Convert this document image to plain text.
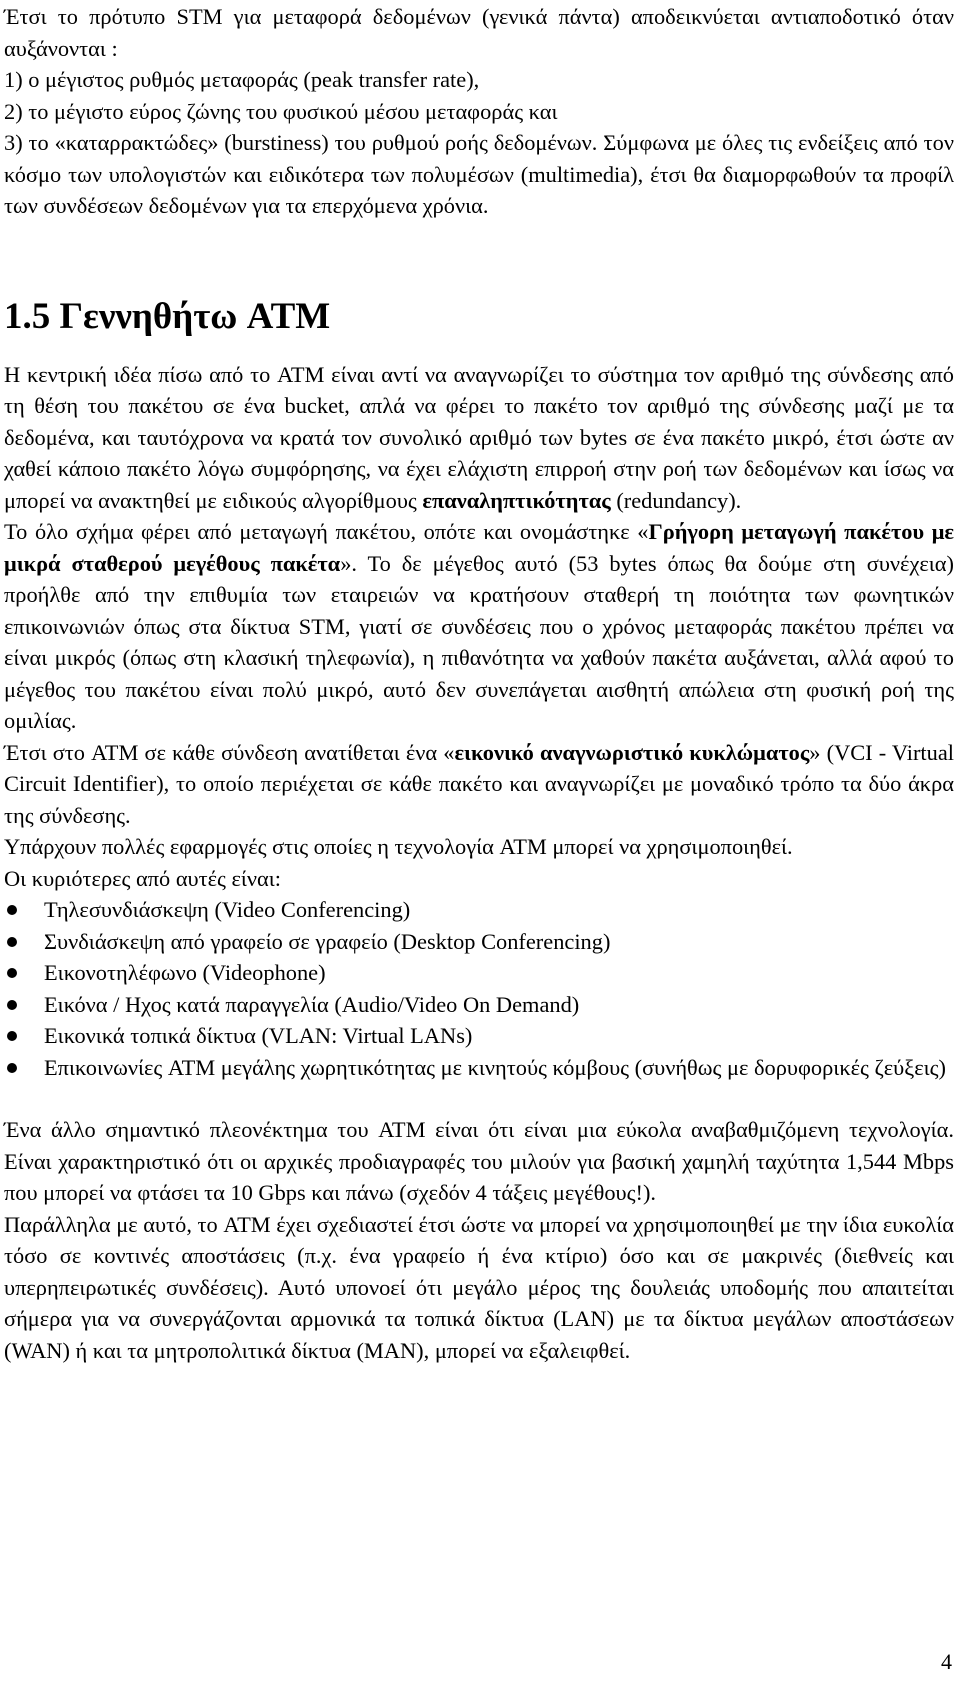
Έτσι το πρότυπο STM για μεταφορά δεδομένων (γενικά πάντα) αποδεικνύεται αντιαποδοτικό όταν αυξάνονται :

1) ο μέγιστος ρυθμός μεταφοράς (peak transfer rate),

2) το μέγιστο εύρος ζώνης του φυσικού μέσου μεταφοράς και

3) το «καταρρακτώδες» (burstiness) του ρυθμού ροής δεδομένων. Σύμφωνα με όλες τις ενδείξεις από τον κόσμο των υπολογιστών και ειδικότερα των πολυμέσων (multimedia), έτσι θα διαμορφωθούν τα προφίλ των συνδέσεων δεδομένων για τα επερχόμενα χρόνια.

1.5 Γεννηθήτω ATM

Η κεντρική ιδέα πίσω από το ATM είναι αντί να αναγνωρίζει το σύστημα τον αριθμό της σύνδεσης από τη θέση του πακέτου σε ένα bucket, απλά να φέρει το πακέτο τον αριθμό της σύνδεσης μαζί με τα δεδομένα, και ταυτόχρονα να κρατά τον συνολικό αριθμό των bytes σε ένα πακέτο μικρό, έτσι ώστε αν χαθεί κάποιο πακέτο λόγω συμφόρησης, να έχει ελάχιστη επιρροή στην ροή των δεδομένων και ίσως να μπορεί να ανακτηθεί με ειδικούς αλγορίθμους επαναληπτικότητας (redundancy).

Το όλο σχήμα φέρει από μεταγωγή πακέτου, οπότε και ονομάστηκε «Γρήγορη μεταγωγή πακέτου με μικρά σταθερού μεγέθους πακέτα». Το δε μέγεθος αυτό (53 bytes όπως θα δούμε στη συνέχεια) προήλθε από την επιθυμία των εταιρειών να κρατήσουν σταθερή τη ποιότητα των φωνητικών επικοινωνιών όπως στα δίκτυα STM, γιατί σε συνδέσεις που ο χρόνος μεταφοράς πακέτου πρέπει να είναι μικρός (όπως στη κλασική τηλεφωνία), η πιθανότητα να χαθούν πακέτα αυξάνεται, αλλά αφού το μέγεθος του πακέτου είναι πολύ μικρό, αυτό δεν συνεπάγεται αισθητή απώλεια στη φυσική ροή της ομιλίας.

Έτσι στο ATM σε κάθε σύνδεση ανατίθεται ένα «εικονικό αναγνωριστικό κυκλώματος» (VCI - Virtual Circuit Identifier), το οποίο περιέχεται σε κάθε πακέτο και αναγνωρίζει με μοναδικό τρόπο τα δύο άκρα της σύνδεσης.

Υπάρχουν πολλές εφαρμογές στις οποίες η τεχνολογία ATM μπορεί να χρησιμοποιηθεί.

Οι κυριότερες από αυτές είναι:

Τηλεσυνδιάσκεψη (Video Conferencing)
Συνδιάσκεψη από γραφείο σε γραφείο (Desktop Conferencing)
Εικονοτηλέφωνο (Videophone)
Εικόνα / Ηχος κατά παραγγελία (Audio/Video On Demand)
Εικονικά τοπικά δίκτυα (VLAN: Virtual LANs)
Επικοινωνίες ATM μεγάλης χωρητικότητας με κινητούς κόμβους (συνήθως με δορυφορικές ζεύξεις)

Ένα άλλο σημαντικό πλεονέκτημα του ATM είναι ότι είναι μια εύκολα αναβαθμιζόμενη τεχνολογία. Είναι χαρακτηριστικό ότι οι αρχικές προδιαγραφές του μιλούν για βασική χαμηλή ταχύτητα 1,544 Mbps που μπορεί να φτάσει τα 10 Gbps και πάνω (σχεδόν 4 τάξεις μεγέθους!).

Παράλληλα με αυτό, το ATM έχει σχεδιαστεί έτσι ώστε να μπορεί να χρησιμοποιηθεί με την ίδια ευκολία τόσο σε κοντινές αποστάσεις (π.χ. ένα γραφείο ή ένα κτίριο) όσο και σε μακρινές (διεθνείς και υπερηπειρωτικές συνδέσεις). Αυτό υπονοεί ότι μεγάλο μέρος της δουλειάς υποδομής που απαιτείται σήμερα για να συνεργάζονται αρμονικά τα τοπικά δίκτυα (LAN) με τα δίκτυα μεγάλων αποστάσεων (WAN) ή και τα μητροπολιτικά δίκτυα (MAN), μπορεί να εξαλειφθεί.

4
